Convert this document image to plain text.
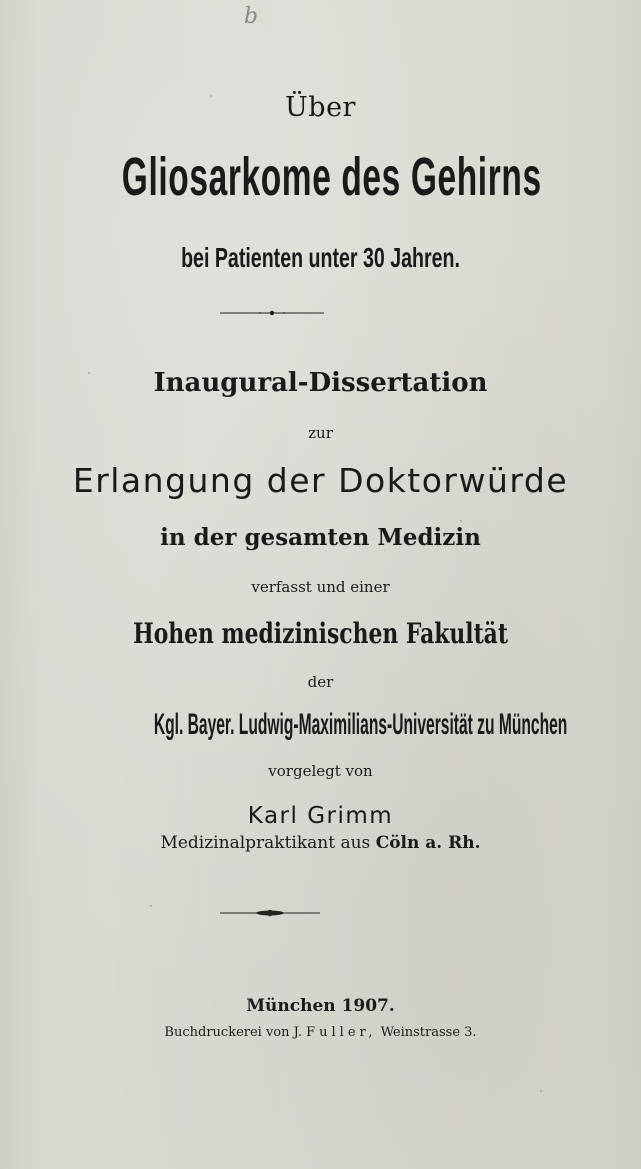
b
Über
Gliosarkome des Gehirns
bei Patienten unter 30 Jahren.
Inaugural-Dissertation
zur
Erlangung der Doktorwürde
in der gesamten Medizin
verfasst und einer
Hohen medizinischen Fakultät
der
Kgl. Bayer. Ludwig-Maximilians-Universität zu München
vorgelegt von
Karl Grimm
Medizinalpraktikant aus Cöln a. Rh.
München 1907.
Buchdruckerei von J. Fuller, Weinstrasse 3.
